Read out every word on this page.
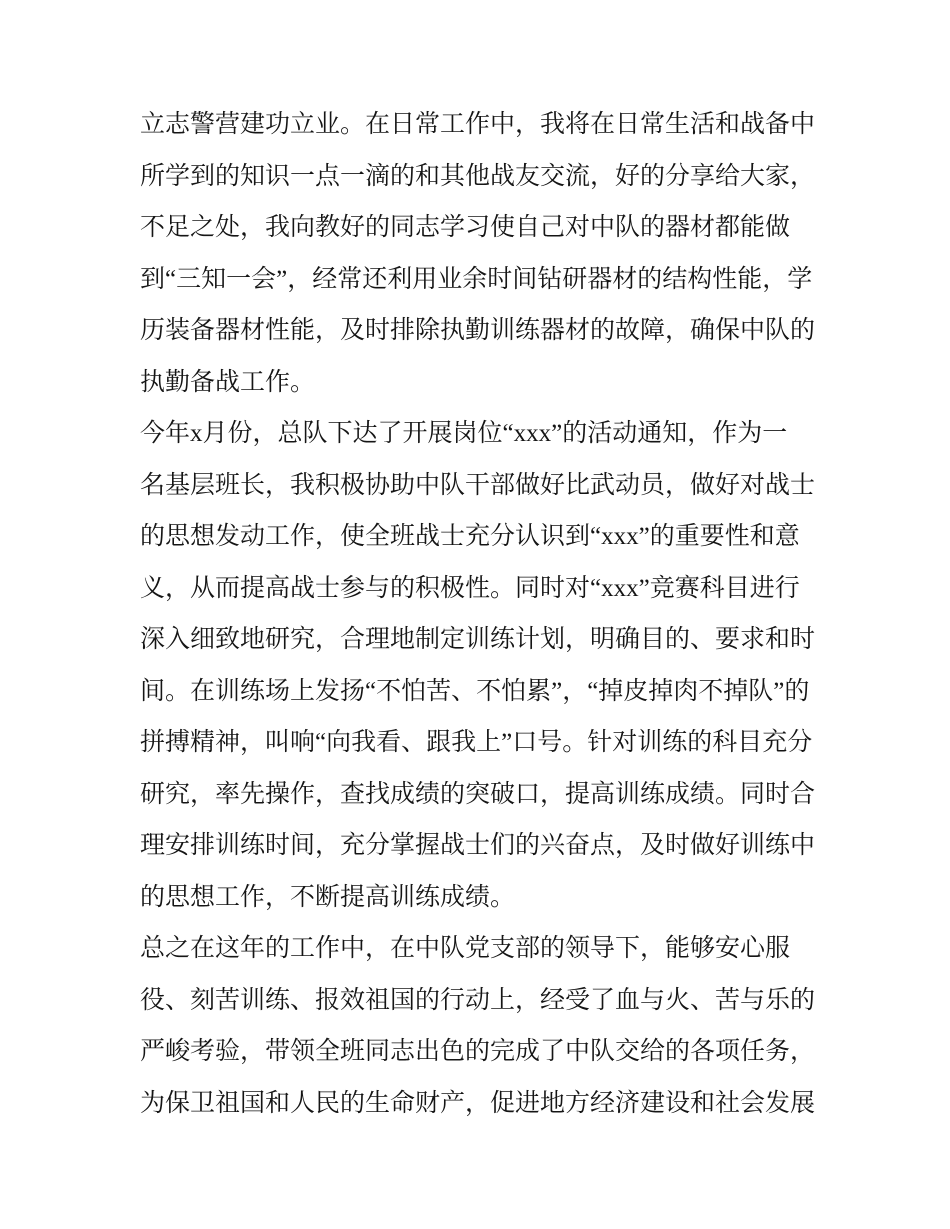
立志警营建功立业。在日常工作中，我将在日常生活和战备中
所学到的知识一点一滴的和其他战友交流，好的分享给大家，
不足之处，我向教好的同志学习使自己对中队的器材都能做
到“三知一会”，经常还利用业余时间钻研器材的结构性能，学
历装备器材性能，及时排除执勤训练器材的故障，确保中队的
执勤备战工作。
今年x月份，总队下达了开展岗位“xxx”的活动通知，作为一
名基层班长，我积极协助中队干部做好比武动员，做好对战士
的思想发动工作，使全班战士充分认识到“xxx”的重要性和意
义，从而提高战士参与的积极性。同时对“xxx”竞赛科目进行
深入细致地研究，合理地制定训练计划，明确目的、要求和时
间。在训练场上发扬“不怕苦、不怕累”，“掉皮掉肉不掉队”的
拼搏精神，叫响“向我看、跟我上”口号。针对训练的科目充分
研究，率先操作，查找成绩的突破口，提高训练成绩。同时合
理安排训练时间，充分掌握战士们的兴奋点，及时做好训练中
的思想工作，不断提高训练成绩。
总之在这年的工作中，在中队党支部的领导下，能够安心服
役、刻苦训练、报效祖国的行动上，经受了血与火、苦与乐的
严峻考验，带领全班同志出色的完成了中队交给的各项任务，
为保卫祖国和人民的生命财产，促进地方经济建设和社会发展
